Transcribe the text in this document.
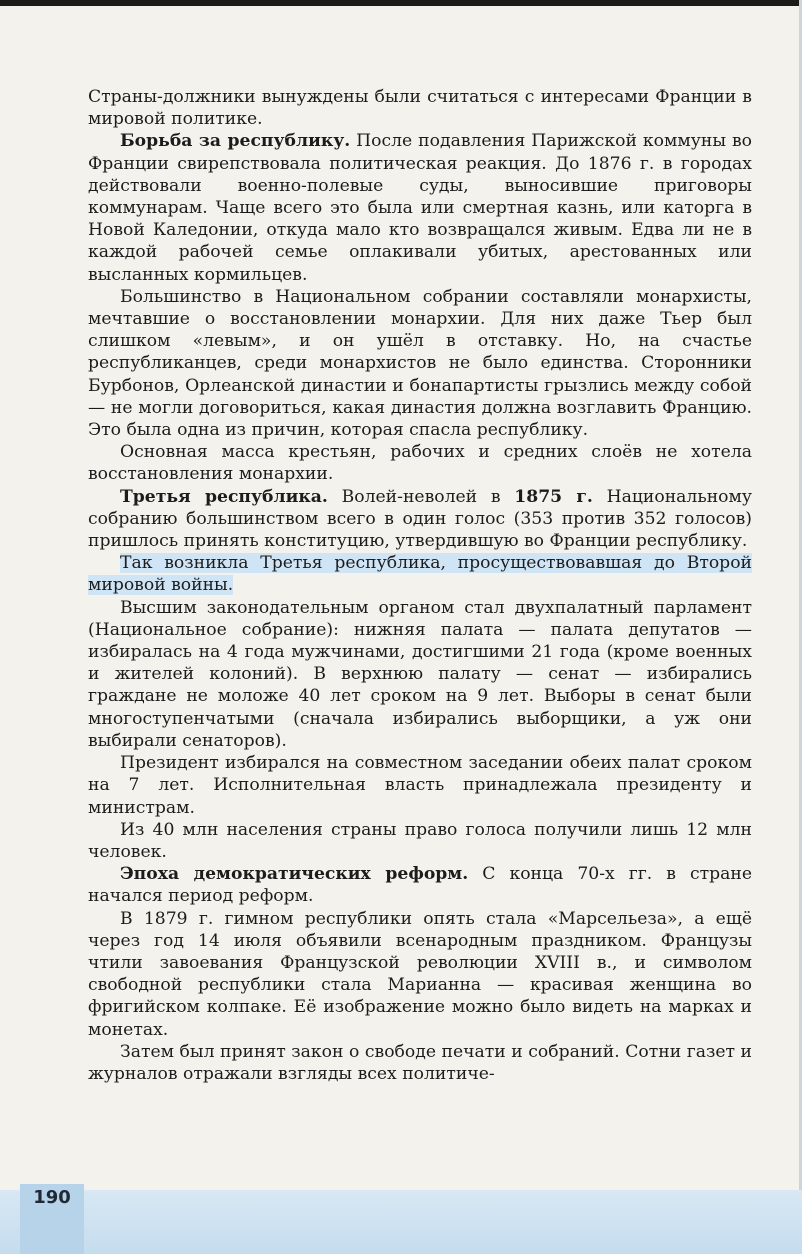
Страны-должники вынуждены были считаться с интересами Франции в мировой политике.

Борьба за республику. После подавления Парижской коммуны во Франции свирепствовала политическая реакция. До 1876 г. в городах действовали военно-полевые суды, выносившие приговоры коммунарам. Чаще всего это была или смертная казнь, или каторга в Новой Каледонии, откуда мало кто возвращался живым. Едва ли не в каждой рабочей семье оплакивали убитых, арестованных или высланных кормильцев.

Большинство в Национальном собрании составляли монархисты, мечтавшие о восстановлении монархии. Для них даже Тьер был слишком «левым», и он ушёл в отставку. Но, на счастье республиканцев, среди монархистов не было единства. Сторонники Бурбонов, Орлеанской династии и бонапартисты грызлись между собой — не могли договориться, какая династия должна возглавить Францию. Это была одна из причин, которая спасла республику.

Основная масса крестьян, рабочих и средних слоёв не хотела восстановления монархии.

Третья республика. Волей-неволей в 1875 г. Национальному собранию большинством всего в один голос (353 против 352 голосов) пришлось принять конституцию, утвердившую во Франции республику.

Так возникла Третья республика, просуществовавшая до Второй мировой войны.

Высшим законодательным органом стал двухпалатный парламент (Национальное собрание): нижняя палата — палата депутатов — избиралась на 4 года мужчинами, достигшими 21 года (кроме военных и жителей колоний). В верхнюю палату — сенат — избирались граждане не моложе 40 лет сроком на 9 лет. Выборы в сенат были многоступенчатыми (сначала избирались выборщики, а уж они выбирали сенаторов).

Президент избирался на совместном заседании обеих палат сроком на 7 лет. Исполнительная власть принадлежала президенту и министрам.

Из 40 млн населения страны право голоса получили лишь 12 млн человек.

Эпоха демократических реформ. С конца 70-х гг. в стране начался период реформ.

В 1879 г. гимном республики опять стала «Марсельеза», а ещё через год 14 июля объявили всенародным праздником. Французы чтили завоевания Французской революции XVIII в., и символом свободной республики стала Марианна — красивая женщина во фригийском колпаке. Её изображение можно было видеть на марках и монетах.

Затем был принят закон о свободе печати и собраний. Сотни газет и журналов отражали взгляды всех политиче-

190
